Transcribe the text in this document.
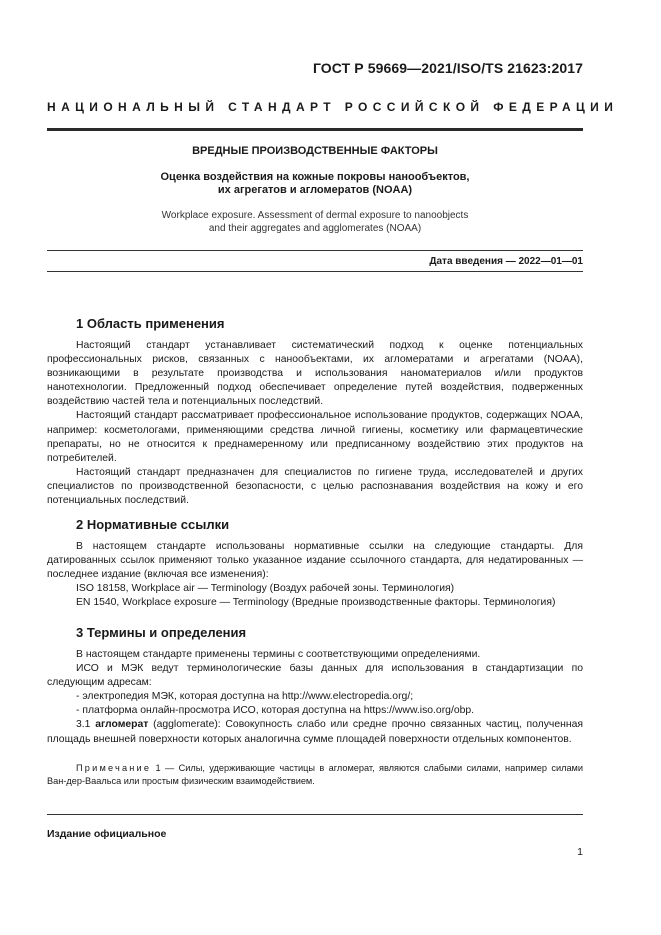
ГОСТ Р 59669—2021/ISO/TS 21623:2017
НАЦИОНАЛЬНЫЙ СТАНДАРТ РОССИЙСКОЙ ФЕДЕРАЦИИ
ВРЕДНЫЕ ПРОИЗВОДСТВЕННЫЕ ФАКТОРЫ
Оценка воздействия на кожные покровы нанообъектов,
их агрегатов и агломератов (NOAA)
Workplace exposure. Assessment of dermal exposure to nanoobjects
and their aggregates and agglomerates (NOAA)
Дата введения — 2022—01—01
1 Область применения

Настоящий стандарт устанавливает систематический подход к оценке потенциальных профессиональных рисков, связанных с нанообъектами, их агломератами и агрегатами (NOAA), возникающими в результате производства и использования наноматериалов и/или продуктов нанотехнологии. Предложенный подход обеспечивает определение путей воздействия, подверженных воздействию частей тела и потенциальных последствий.

Настоящий стандарт рассматривает профессиональное использование продуктов, содержащих NOAA, например: косметологами, применяющими средства личной гигиены, косметику или фармацевтические препараты, но не относится к преднамеренному или предписанному воздействию этих продуктов на потребителей.

Настоящий стандарт предназначен для специалистов по гигиене труда, исследователей и других специалистов по производственной безопасности, с целью распознавания воздействия на кожу и его потенциальных последствий.

2 Нормативные ссылки

В настоящем стандарте использованы нормативные ссылки на следующие стандарты. Для датированных ссылок применяют только указанное издание ссылочного стандарта, для недатированных — последнее издание (включая все изменения):

ISO 18158, Workplace air — Terminology (Воздух рабочей зоны. Терминология)

EN 1540, Workplace exposure — Terminology (Вредные производственные факторы. Терминология)

3 Термины и определения

В настоящем стандарте применены термины с соответствующими определениями.

ИСО и МЭК ведут терминологические базы данных для использования в стандартизации по следующим адресам:

- электропедия МЭК, которая доступна на http://www.electropedia.org/;

- платформа онлайн-просмотра ИСО, которая доступна на https://www.iso.org/obp.

3.1 агломерат (agglomerate): Совокупность слабо или средне прочно связанных частиц, полученная площадь внешней поверхности которых аналогична сумме площадей поверхности отдельных компонентов.

Примечание 1 — Силы, удерживающие частицы в агломерат, являются слабыми силами, например силами Ван-дер-Ваальса или простым физическим взаимодействием.

Издание официальное
1
